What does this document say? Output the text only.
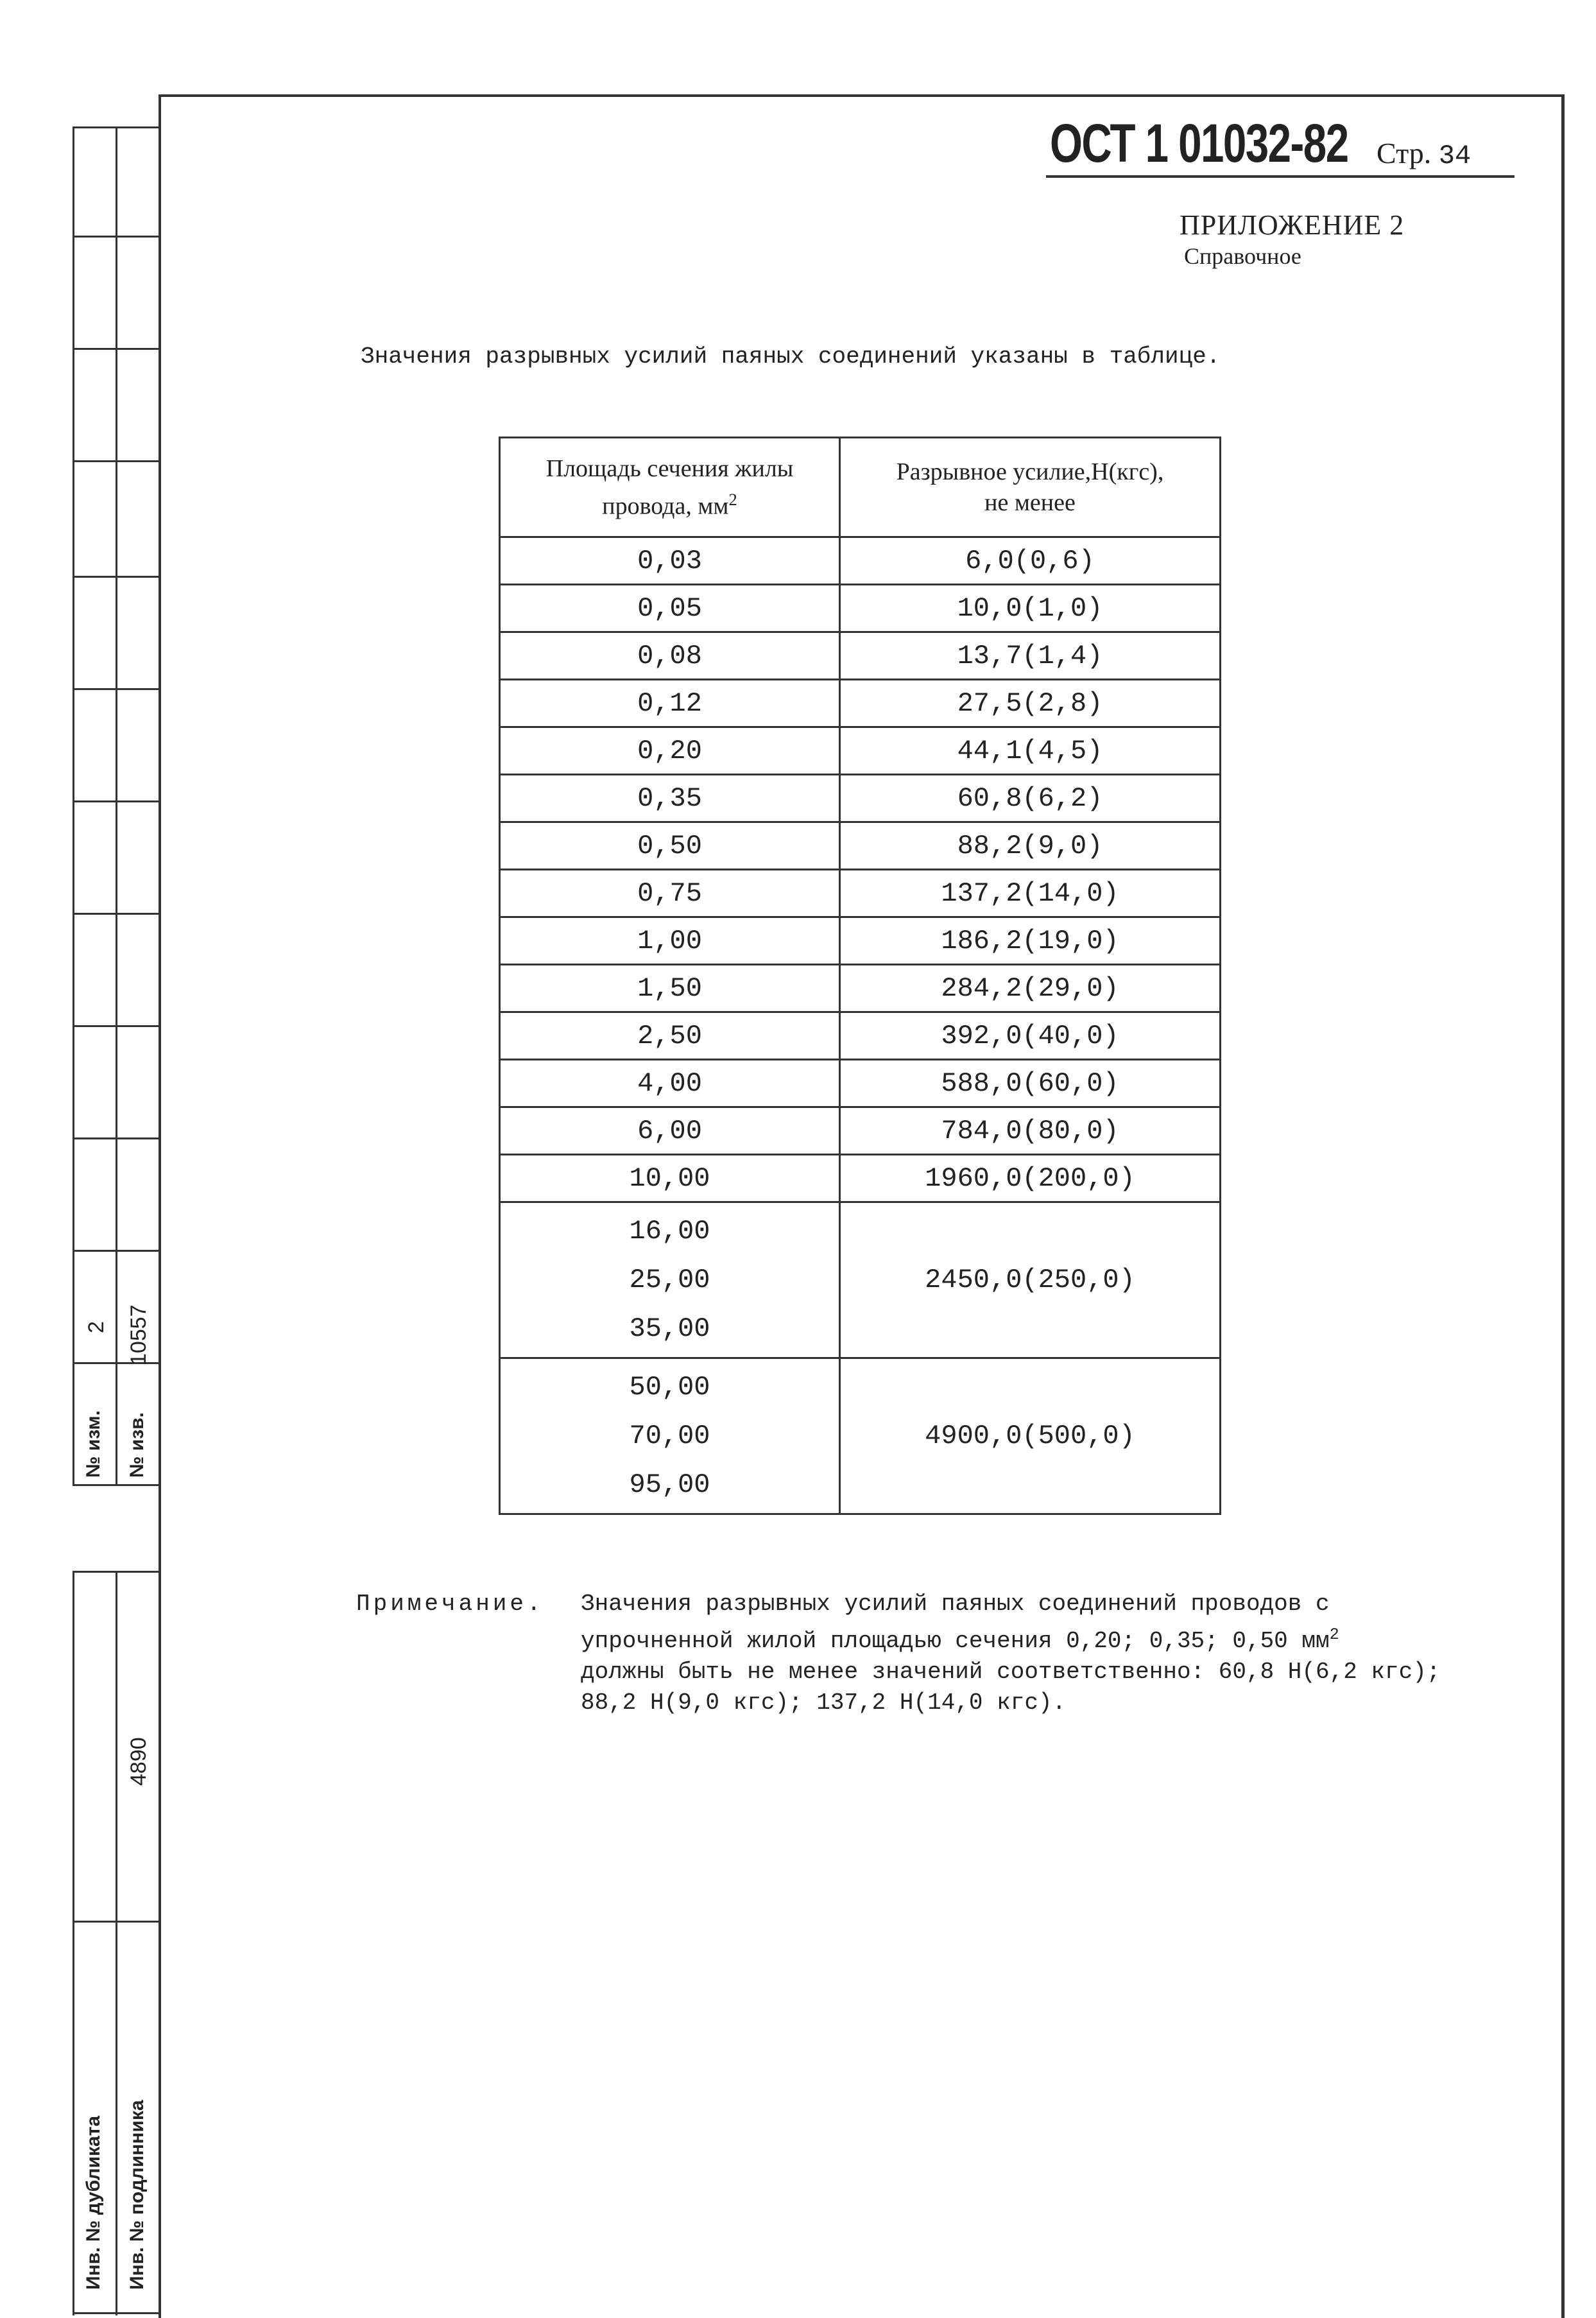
ОСТ 1 01032-82 Стр. 34
ПРИЛОЖЕНИЕ 2
Справочное
Значения разрывных усилий паяных соединений указаны в таблице.
2
№ изм.
10557
№ изв.
4890
Инв. № дубликата Инв. № подлинника
Площадь сечения жилы
провода, $мм^2$	Разрывное усилие,Н(кгс),
не менее
0,03	6,0(0,6)
0,05	10,0(1,0)
0,08	13,7(1,4)
0,12	27,5(2,8)
0,20	44,1(4,5)
0,35	60,8(6,2)
0,50	88,2(9,0)
0,75	137,2(14,0)
1,00	186,2(19,0)
1,50	284,2(29,0)
2,50	392,0(40,0)
4,00	588,0(60,0)
6,00	784,0(80,0)
10,00	1960,0(200,0)

16,00
25,00
35,00	2450,0(250,0)

50,00
70,00
95,00	4900,0(500,0)
Примечание. Значения разрывных усилий паяных соединений проводов с
упрочненной жилой площадью сечения 0,20; 0,35; 0,50 $мм^2$
должны быть не менее значений соответственно: 60,8 Н(6,2 кгс);
88,2 Н(9,0 кгс); 137,2 Н(14,0 кгс).
